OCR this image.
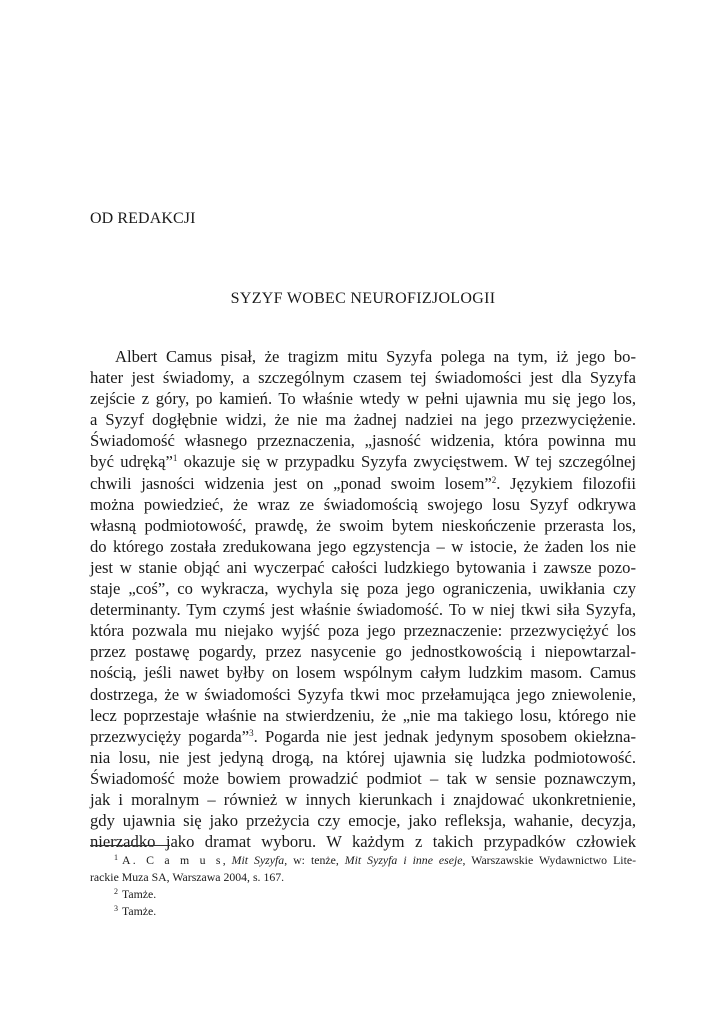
OD REDAKCJI
SYZYF WOBEC NEUROFIZJOLOGII
Albert Camus pisał, że tragizm mitu Syzyfa polega na tym, iż jego bo-
hater jest świadomy, a szczególnym czasem tej świadomości jest dla Syzyfa
zejście z góry, po kamień. To właśnie wtedy w pełni ujawnia mu się jego los,
a Syzyf dogłębnie widzi, że nie ma żadnej nadziei na jego przezwyciężenie.
Świadomość własnego przeznaczenia, „jasność widzenia, która powinna mu
być udręką”$^1$ okazuje się w przypadku Syzyfa zwycięstwem. W tej szczególnej
chwili jasności widzenia jest on „ponad swoim losem”$^2$. Językiem filozofii
można powiedzieć, że wraz ze świadomością swojego losu Syzyf odkrywa
własną podmiotowość, prawdę, że swoim bytem nieskończenie przerasta los,
do którego została zredukowana jego egzystencja – w istocie, że żaden los nie
jest w stanie objąć ani wyczerpać całości ludzkiego bytowania i zawsze pozo-
staje „coś”, co wykracza, wychyla się poza jego ograniczenia, uwikłania czy
determinanty. Tym czymś jest właśnie świadomość. To w niej tkwi siła Syzyfa,
która pozwala mu niejako wyjść poza jego przeznaczenie: przezwyciężyć los
przez postawę pogardy, przez nasycenie go jednostkowością i niepowtarzal-
nością, jeśli nawet byłby on losem wspólnym całym ludzkim masom. Camus
dostrzega, że w świadomości Syzyfa tkwi moc przełamująca jego zniewolenie,
lecz poprzestaje właśnie na stwierdzeniu, że „nie ma takiego losu, którego nie
przezwycięży pogarda”$^3$. Pogarda nie jest jednak jedynym sposobem okiełzna-
nia losu, nie jest jedyną drogą, na której ujawnia się ludzka podmiotowość.
Świadomość może bowiem prowadzić podmiot – tak w sensie poznawczym,
jak i moralnym – również w innych kierunkach i znajdować ukonkretnienie,
gdy ujawnia się jako przeżycia czy emocje, jako refleksja, wahanie, decyzja,
nierzadko jako dramat wyboru. W każdym z takich przypadków człowiek
$^1$ A. C a m u s, Mit Syzyfa, w: tenże, Mit Syzyfa i inne eseje, Warszawskie Wydawnictwo Lite-
rackie Muza SA, Warszawa 2004, s. 167.
$^2$ Tamże.
$^3$ Tamże.
